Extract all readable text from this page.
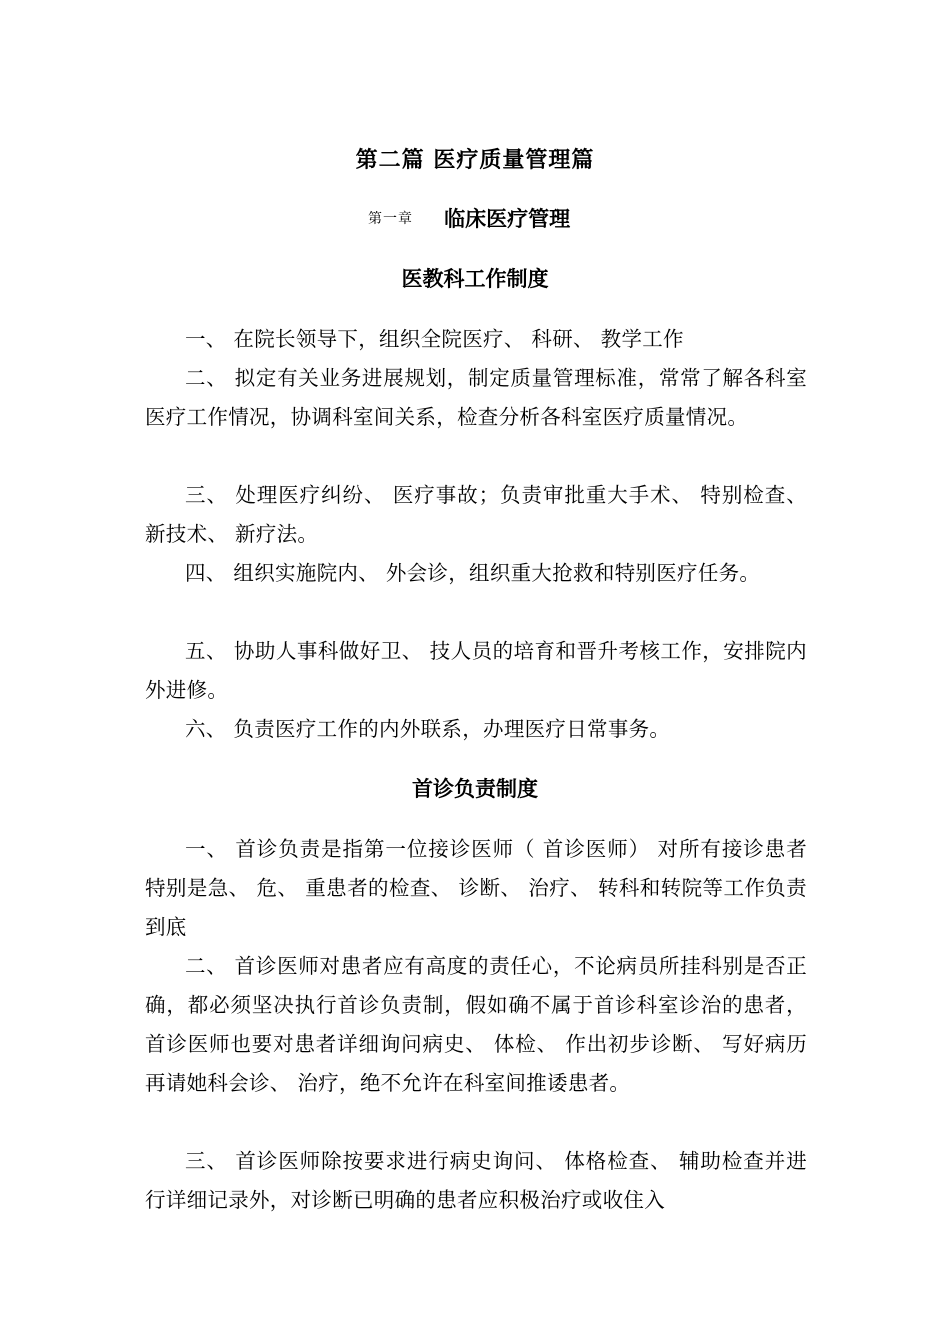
第二篇 医疗质量管理篇
第一章 临床医疗管理
医教科工作制度

一、 在院长领导下，组织全院医疗、 科研、 教学工作

二、 拟定有关业务进展规划，制定质量管理标准，常常了解各科室医疗工作情况，协调科室间关系，检查分析各科室医疗质量情况。

三、 处理医疗纠纷、 医疗事故；负责审批重大手术、 特别检查、 新技术、 新疗法。

四、 组织实施院内、 外会诊，组织重大抢救和特别医疗任务。

五、 协助人事科做好卫、 技人员的培育和晋升考核工作，安排院内外进修。

六、 负责医疗工作的内外联系，办理医疗日常事务。

首诊负责制度

一、 首诊负责是指第一位接诊医师（ 首诊医师） 对所有接诊患者特别是急、 危、 重患者的检查、 诊断、 治疗、 转科和转院等工作负责到底

二、 首诊医师对患者应有高度的责任心，不论病员所挂科别是否正确，都必须坚决执行首诊负责制，假如确不属于首诊科室诊治的患者，首诊医师也要对患者详细询问病史、 体检、 作出初步诊断、 写好病历再请她科会诊、 治疗，绝不允许在科室间推诿患者。

三、 首诊医师除按要求进行病史询问、 体格检查、 辅助检查并进行详细记录外，对诊断已明确的患者应积极治疗或收住入
